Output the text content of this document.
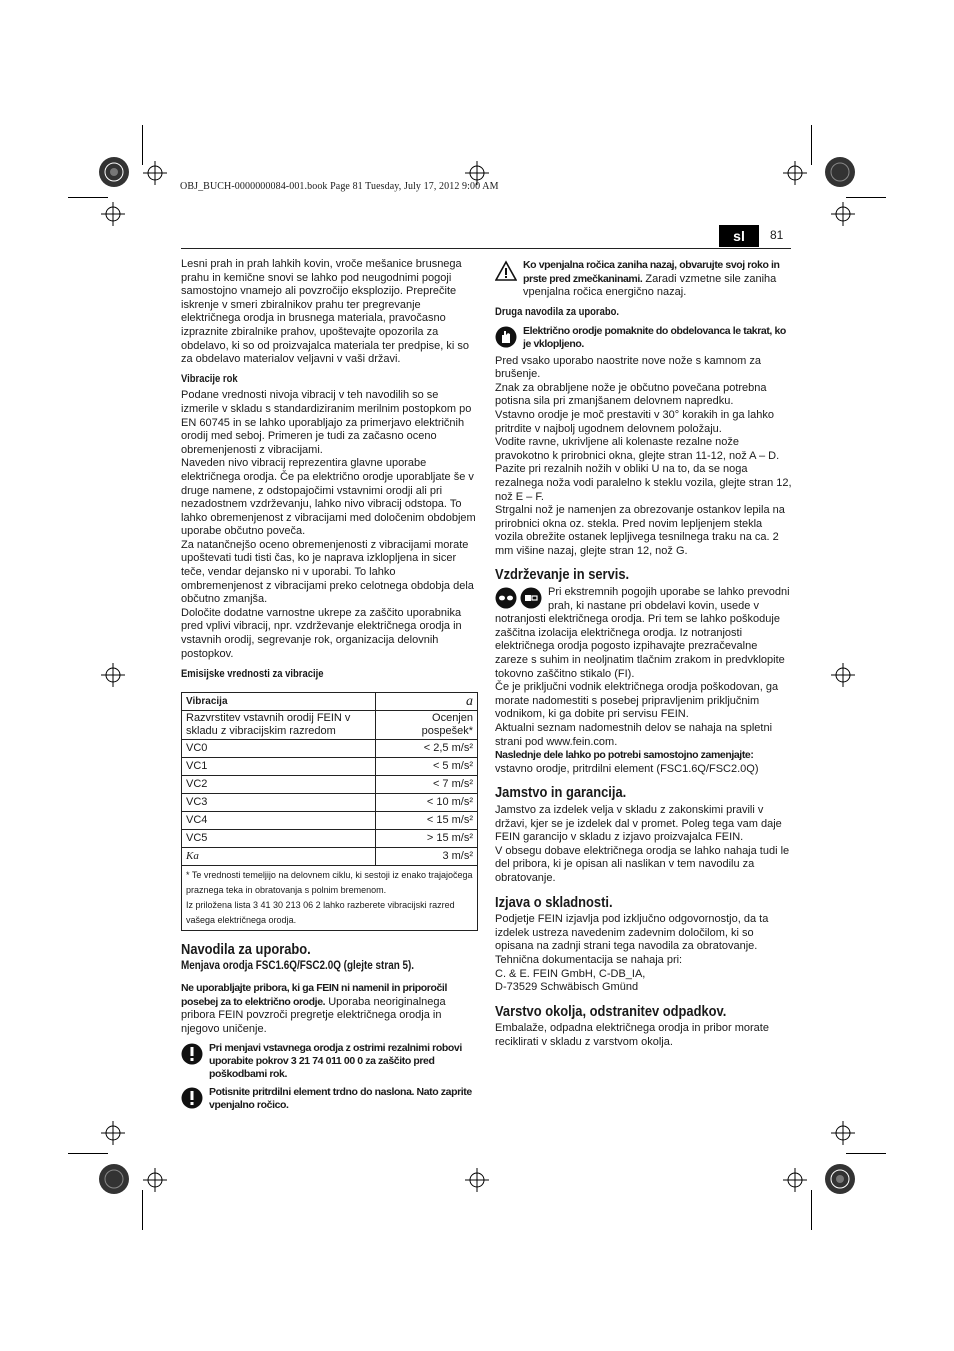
OBJ_BUCH-0000000084-001.book Page 81 Tuesday, July 17, 2012 9:00 AM
sl	81

Lesni prah in prah lahkih kovin, vroče mešanice brusnega prahu in kemične snovi se lahko pod neugodnimi pogoji samostojno vnamejo ali povzročijo eksplozijo. Preprečite iskrenje v smeri zbiralnikov prahu ter pregrevanje električnega orodja in brusnega materiala, pravočasno izpraznite zbiralnike prahov, upoštevajte opozorila za obdelavo, ki so od proizvajalca materiala ter predpise, ki so za obdelavo materialov veljavni v vaši državi.

Vibracije rok

Podane vrednosti nivoja vibracij v teh navodilih so se izmerile v skladu s standardiziranim merilnim postopkom po EN 60745 in se lahko uporabljajo za primerjavo električnih orodij med seboj. Primeren je tudi za začasno oceno obremenjenosti z vibracijami.

Naveden nivo vibracij reprezentira glavne uporabe električnega orodja. Če pa električno orodje uporabljate še v druge namene, z odstopajočimi vstavnimi orodji ali pri nezadostnem vzdrževanju, lahko nivo vibracij odstopa. To lahko obremenjenost z vibracijami med določenim obdobjem uporabe občutno poveča.

Za natančnejšo oceno obremenjenosti z vibracijami morate upoštevati tudi tisti čas, ko je naprava izklopljena in sicer teče, vendar dejansko ni v uporabi. To lahko ombremenjenost z vibracijami preko celotnega obdobja dela občutno zmanjša.

Določite dodatne varnostne ukrepe za zaščito uporabnika pred vplivi vibracij, npr. vzdrževanje električnega orodja in vstavnih orodij, segrevanje rok, organizacija delovnih postopkov.

Emisijske vrednosti za vibracije
Vibracija	a
Razvrstitev vstavnih orodij FEIN v skladu z vibracijskim razredom	Ocenjen pospešek*
VC0	< 2,5 m/s²
VC1	< 5 m/s²
VC2	< 7 m/s²
VC3	< 10 m/s²
VC4	< 15 m/s²
VC5	> 15 m/s²
Ka	3 m/s²
* Te vrednosti temeljijo na delovnem ciklu, ki sestoji iz enako trajajočega praznega teka in obratovanja s polnim bremenom.
Iz priložena lista 3 41 30 213 06 2 lahko razberete vibracijski razred vašega električnega orodja.
Navodila za uporabo.
Menjava orodja FSC1.6Q/FSC2.0Q (glejte stran 5).

Ne uporabljajte pribora, ki ga FEIN ni namenil in priporočil posebej za to električno orodje. Uporaba neoriginalnega pribora FEIN povzroči pregretje električnega orodja in njegovo uničenje.

Pri menjavi vstavnega orodja z ostrimi rezalnimi robovi uporabite pokrov 3 21 74 011 00 0 za zaščito pred poškodbami rok.
Potisnite pritrdilni element trdno do naslona. Nato zaprite vpenjalno ročico.
Ko vpenjalna ročica zaniha nazaj, obvarujte svoj roko in prste pred zmečkaninami. Zaradi vzmetne sile zaniha vpenjalna ročica energično nazaj.
Druga navodila za uporabo.
Električno orodje pomaknite do obdelovanca le takrat, ko je vklopljeno.

Pred vsako uporabo naostrite nove nože s kamnom za brušenje.

Znak za obrabljene nože je občutno povečana potrebna potisna sila pri zmanjšanem delovnem napredku.

Vstavno orodje je moč prestaviti v 30° korakih in ga lahko pritrdite v najbolj ugodnem delovnem položaju.

Vodite ravne, ukrivljene ali kolenaste rezalne nože pravokotno k prirobnici okna, glejte stran 11-12, nož A – D.

Pazite pri rezalnih nožih v obliki U na to, da se noga rezalnega noža vodi paralelno k steklu vozila, glejte stran 12, nož E – F.

Strgalni nož je namenjen za obrezovanje ostankov lepila na prirobnici okna oz. stekla. Pred novim lepljenjem stekla vozila obrežite ostanek lepljivega tesnilnega traku na ca. 2 mm višine nazaj, glejte stran 12, nož G.

Vzdrževanje in servis.

Pri ekstremnih pogojih uporabe se lahko prevodni prah, ki nastane pri obdelavi kovin, usede v notranjosti električnega orodja. Pri tem se lahko poškoduje zaščitna izolacija električnega orodja. Iz notranjosti električnega orodja pogosto izpihavajte prezračevalne zareze s suhim in neoljnatim tlačnim zrakom in predvklopite tokovno zaščitno stikalo (FI).

Če je priključni vodnik električnega orodja poškodovan, ga morate nadomestiti s posebej pripravljenim priključnim vodnikom, ki ga dobite pri servisu FEIN.

Aktualni seznam nadomestnih delov se nahaja na spletni strani pod www.fein.com.

Naslednje dele lahko po potrebi samostojno zamenjajte:
vstavno orodje, pritrdilni element (FSC1.6Q/FSC2.0Q)

Jamstvo in garancija.

Jamstvo za izdelek velja v skladu z zakonskimi pravili v državi, kjer se je izdelek dal v promet. Poleg tega vam daje FEIN garancijo v skladu z izjavo proizvajalca FEIN.

V obsegu dobave električnega orodja se lahko nahaja tudi le del pribora, ki je opisan ali naslikan v tem navodilu za obratovanje.

Izjava o skladnosti.

Podjetje FEIN izjavlja pod izključno odgovornostjo, da ta izdelek ustreza navedenim zadevnim določilom, ki so opisana na zadnji strani tega navodila za obratovanje.

Tehnična dokumentacija se nahaja pri:

C. & E. FEIN GmbH, C-DB_IA,

D-73529 Schwäbisch Gmünd

Varstvo okolja, odstranitev odpadkov.

Embalaže, odpadna električnega orodja in pribor morate reciklirati v skladu z varstvom okolja.
